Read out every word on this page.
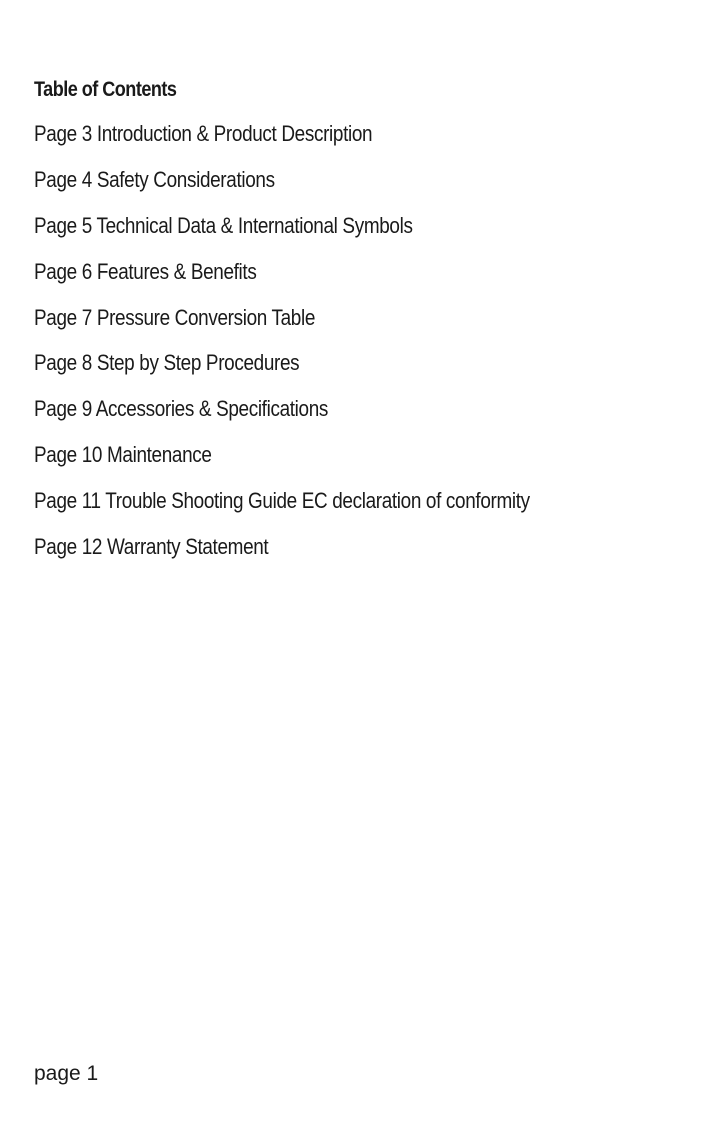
Table of Contents
Page 3 Introduction & Product Description
Page 4 Safety Considerations
Page 5 Technical Data & International Symbols
Page 6 Features & Benefits
Page 7 Pressure Conversion Table
Page 8 Step by Step Procedures
Page 9 Accessories & Specifications
Page 10 Maintenance
Page 11 Trouble Shooting Guide EC declaration of conformity
Page 12 Warranty Statement
page 1
